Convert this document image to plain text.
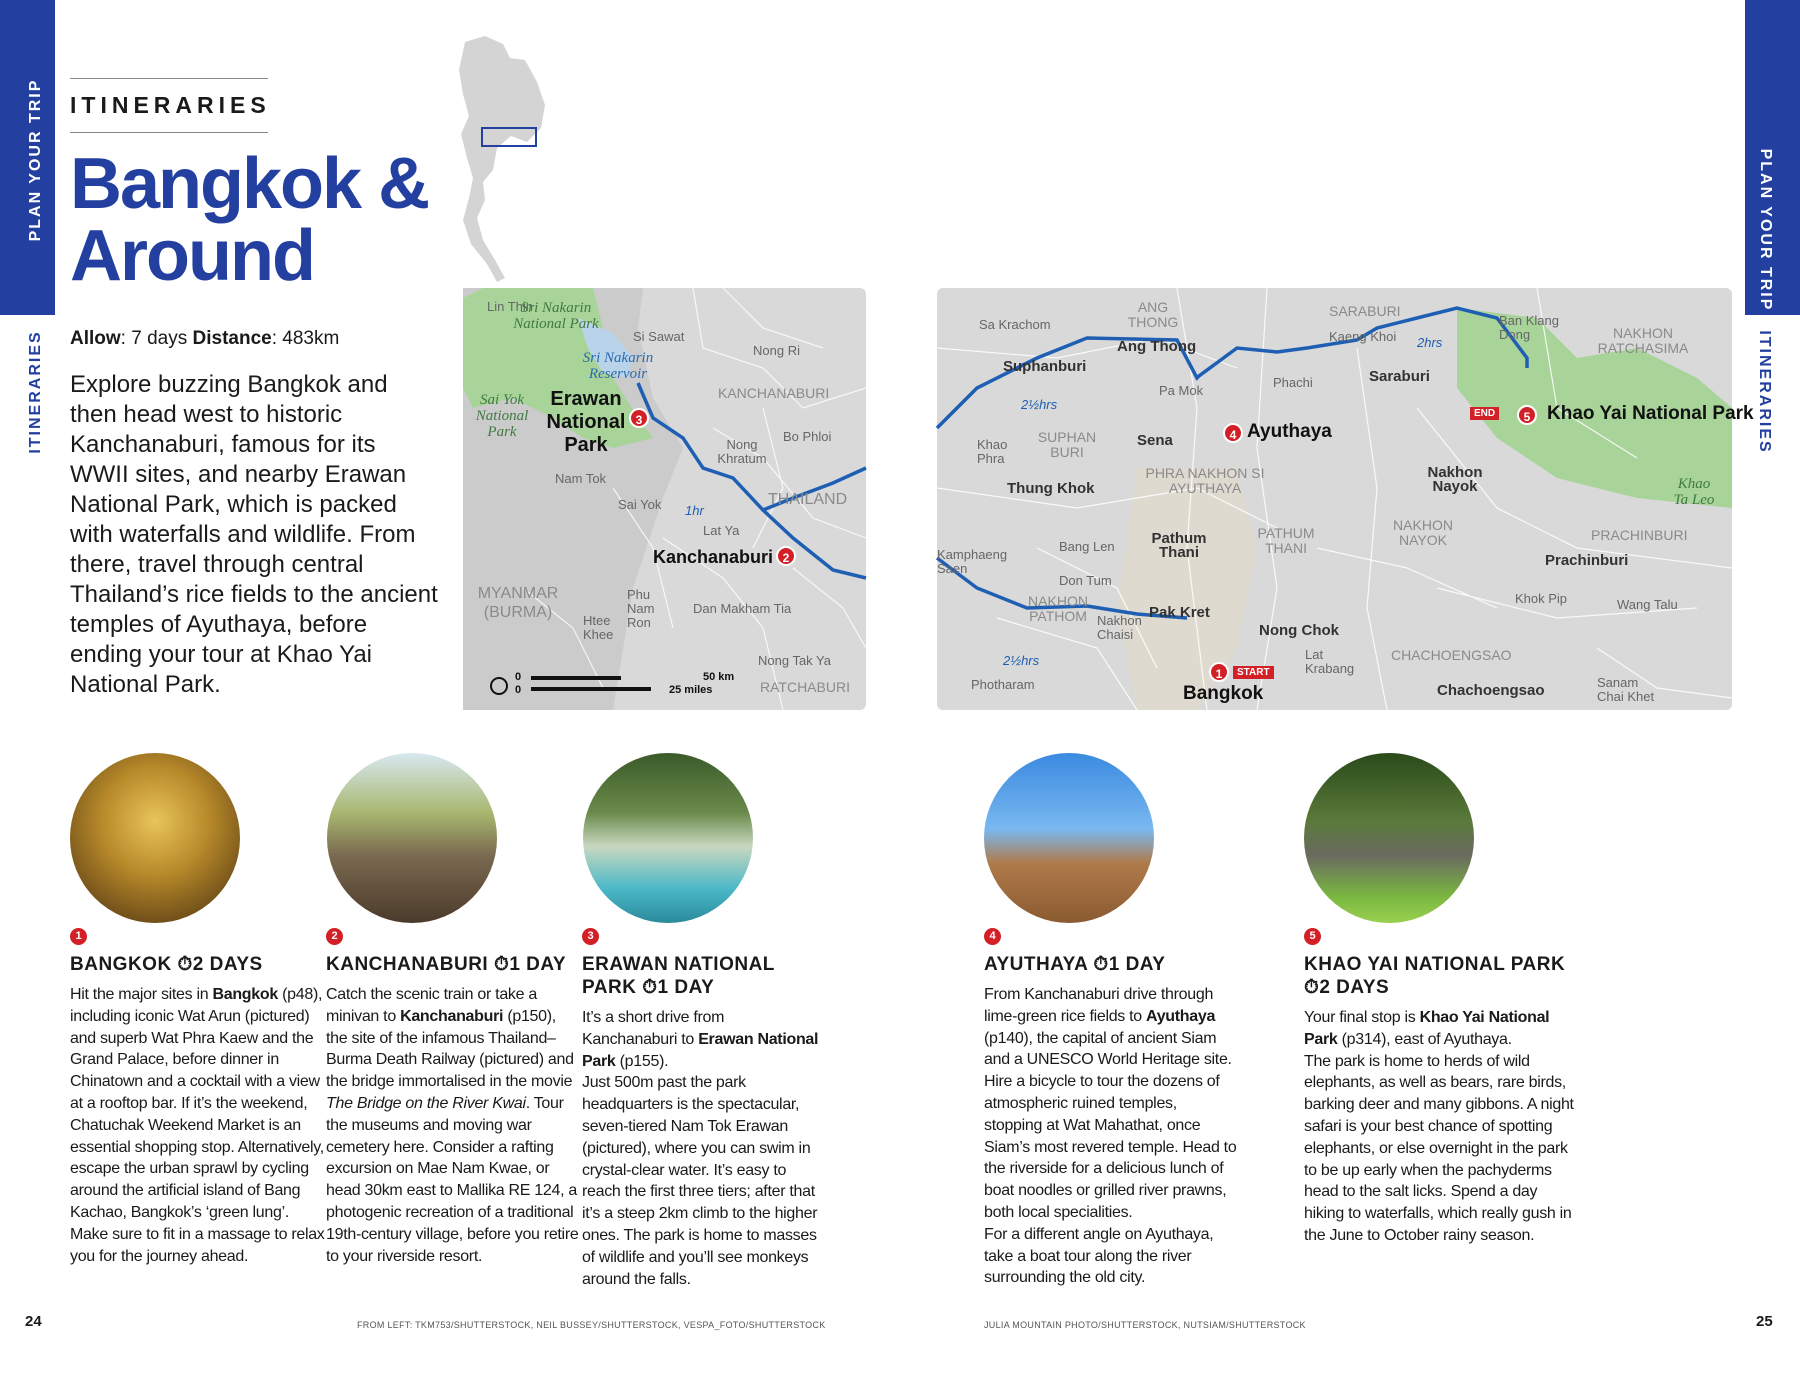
PLAN YOUR TRIP
ITINERARIES
PLAN YOUR TRIP
ITINERARIES
ITINERARIES
Bangkok &
Around
Allow: 7 days Distance: 483km
Explore buzzing Bangkok and then head west to historic Kanchanaburi, famous for its WWII sites, and nearby Erawan National Park, which is packed with waterfalls and wildlife. From there, travel through central Thailand’s rice fields to the ancient temples of Ayuthaya, before ending your tour at Khao Yai National Park.
Lin Thin
Sri Nakarin National Park
Si Sawat
Nong Ri
Sri Nakarin Reservoir
Sai Yok National Park
Erawan National Park
3
KANCHANABURI
Bo Phloi
Nong Khratum
Nam Tok
THAILAND
Sai Yok
Lat Ya
1hr
Kanchanaburi 2
MYANMAR (BURMA)
Phu Nam Ron
Htee Khee
Dan Makham Tia
Nong Tak Ya
RATCHABURI
0	50 km
0	25 miles
Sa Krachom
ANG THONG
Ang Thong
SARABURI
Kaeng Khoi
Ban Klang Dong	NAKHON RATCHASIMA
Suphanburi
Pa Mok
Phachi	Saraburi
END	5 Khao Yai National Park
Khao Phra
SUPHAN BURI
Sena	4 Ayuthaya
PHRA NAKHON SI AYUTHAYA
Nakhon Nayok	Khao Ta Leo
Thung Khok
NAKHON NAYOK	PRACHINBURI
Kamphaeng Saen
Bang Len Pathum Thani
PATHUM THANI
Prachinburi
Don Tum
NAKHON PATHOM Nakhon Chaisi
Pak Kret
Khok Pip	Wang Talu
Nong Chok
CHACHOENGSAO
Lat Krabang
Photharam
1	START
Bangkok	Chachoengsao	Sanam Chai Khet
2½hrs
2½hrs
2hrs
1
BANGKOK ⏱2 DAYS

Hit the major sites in Bangkok (p48), including iconic Wat Arun (pictured) and superb Wat Phra Kaew and the Grand Palace, before dinner in Chinatown and a cocktail with a view at a rooftop bar. If it’s the weekend, Chatuchak Weekend Market is an essential shopping stop. Alternatively, escape the urban sprawl by cycling around the artificial island of Bang Kachao, Bangkok’s ‘green lung’. Make sure to fit in a massage to relax you for the journey ahead.

2
KANCHANABURI ⏱1 DAY

Catch the scenic train or take a minivan to Kanchanaburi (p150), the site of the infamous Thailand–Burma Death Railway (pictured) and the bridge immortalised in the movie The Bridge on the River Kwai. Tour the museums and moving war cemetery here. Consider a rafting excursion on Mae Nam Kwae, or head 30km east to Mallika RE 124, a photogenic recreation of a traditional 19th-century village, before you retire to your riverside resort.

3
ERAWAN NATIONAL PARK ⏱1 DAY

It’s a short drive from Kanchanaburi to Erawan National Park (p155).
Just 500m past the park headquarters is the spectacular, seven-tiered Nam Tok Erawan (pictured), where you can swim in crystal-clear water. It’s easy to reach the first three tiers; after that it’s a steep 2km climb to the higher ones. The park is home to masses of wildlife and you’ll see monkeys around the falls.

4
AYUTHAYA ⏱1 DAY

From Kanchanaburi drive through lime-green rice fields to Ayuthaya (p140), the capital of ancient Siam and a UNESCO World Heritage site. Hire a bicycle to tour the dozens of atmospheric ruined temples, stopping at Wat Mahathat, once Siam’s most revered temple. Head to the riverside for a delicious lunch of boat noodles or grilled river prawns, both local specialities.
For a different angle on Ayuthaya, take a boat tour along the river surrounding the old city.

5
KHAO YAI NATIONAL PARK ⏱2 DAYS

Your final stop is Khao Yai National Park (p314), east of Ayuthaya.
The park is home to herds of wild elephants, as well as bears, rare birds, barking deer and many gibbons. A night safari is your best chance of spotting elephants, or else overnight in the park to be up early when the pachyderms head to the salt licks. Spend a day hiking to waterfalls, which really gush in the June to October rainy season.

24	FROM LEFT: TKM753/SHUTTERSTOCK, NEIL BUSSEY/SHUTTERSTOCK, VESPA_FOTO/SHUTTERSTOCK	JULIA MOUNTAIN PHOTO/SHUTTERSTOCK, NUTSIAM/SHUTTERSTOCK	25
